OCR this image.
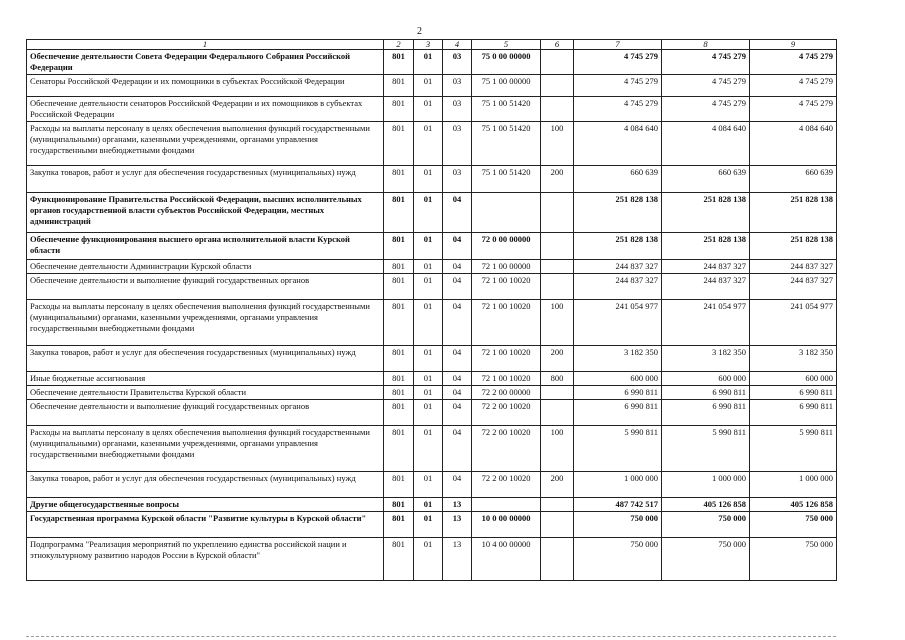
2
1	2	3	4	5	6	7	8	9
Обеспечение деятельности Совета Федерации Федерального Собрания Российской Федерации	801	01	03	75 0 00 00000		4 745 279	4 745 279	4 745 279
Сенаторы Российской Федерации и их помощники в субъектах Российской Федерации	801	01	03	75 1 00 00000		4 745 279	4 745 279	4 745 279
Обеспечение деятельности сенаторов Российской Федерации и их помощников в субъектах Российской Федерации	801	01	03	75 1 00 51420		4 745 279	4 745 279	4 745 279
Расходы на выплаты персоналу в целях обеспечения выполнения функций государственными (муниципальными) органами, казенными учреждениями, органами управления государственными внебюджетными фондами	801	01	03	75 1 00 51420	100	4 084 640	4 084 640	4 084 640
Закупка товаров, работ и услуг для обеспечения государственных (муниципальных) нужд	801	01	03	75 1 00 51420	200	660 639	660 639	660 639
Функционирование Правительства Российской Федерации, высших исполнительных органов государственной власти субъектов Российской Федерации, местных администраций	801	01	04			251 828 138	251 828 138	251 828 138
Обеспечение функционирования высшего органа исполнительной власти Курской области	801	01	04	72 0 00 00000		251 828 138	251 828 138	251 828 138
Обеспечение деятельности Администрации Курской области	801	01	04	72 1 00 00000		244 837 327	244 837 327	244 837 327
Обеспечение деятельности и выполнение функций государственных органов	801	01	04	72 1 00 10020		244 837 327	244 837 327	244 837 327
Расходы на выплаты персоналу в целях обеспечения выполнения функций государственными (муниципальными) органами, казенными учреждениями, органами управления государственными внебюджетными фондами	801	01	04	72 1 00 10020	100	241 054 977	241 054 977	241 054 977
Закупка товаров, работ и услуг для обеспечения государственных (муниципальных) нужд	801	01	04	72 1 00 10020	200	3 182 350	3 182 350	3 182 350
Иные бюджетные ассигнования	801	01	04	72 1 00 10020	800	600 000	600 000	600 000
Обеспечение деятельности Правительства Курской области	801	01	04	72 2 00 00000		6 990 811	6 990 811	6 990 811
Обеспечение деятельности и выполнение функций государственных органов	801	01	04	72 2 00 10020		6 990 811	6 990 811	6 990 811
Расходы на выплаты персоналу в целях обеспечения выполнения функций государственными (муниципальными) органами, казенными учреждениями, органами управления государственными внебюджетными фондами	801	01	04	72 2 00 10020	100	5 990 811	5 990 811	5 990 811
Закупка товаров, работ и услуг для обеспечения государственных (муниципальных) нужд	801	01	04	72 2 00 10020	200	1 000 000	1 000 000	1 000 000
Другие общегосударственные вопросы	801	01	13			487 742 517	405 126 858	405 126 858
Государственная программа Курской области "Развитие культуры в Курской области"	801	01	13	10 0 00 00000		750 000	750 000	750 000
Подпрограмма "Реализация мероприятий по укреплению единства российской нации и этнокультурному развитию народов России в Курской области"	801	01	13	10 4 00 00000		750 000	750 000	750 000
